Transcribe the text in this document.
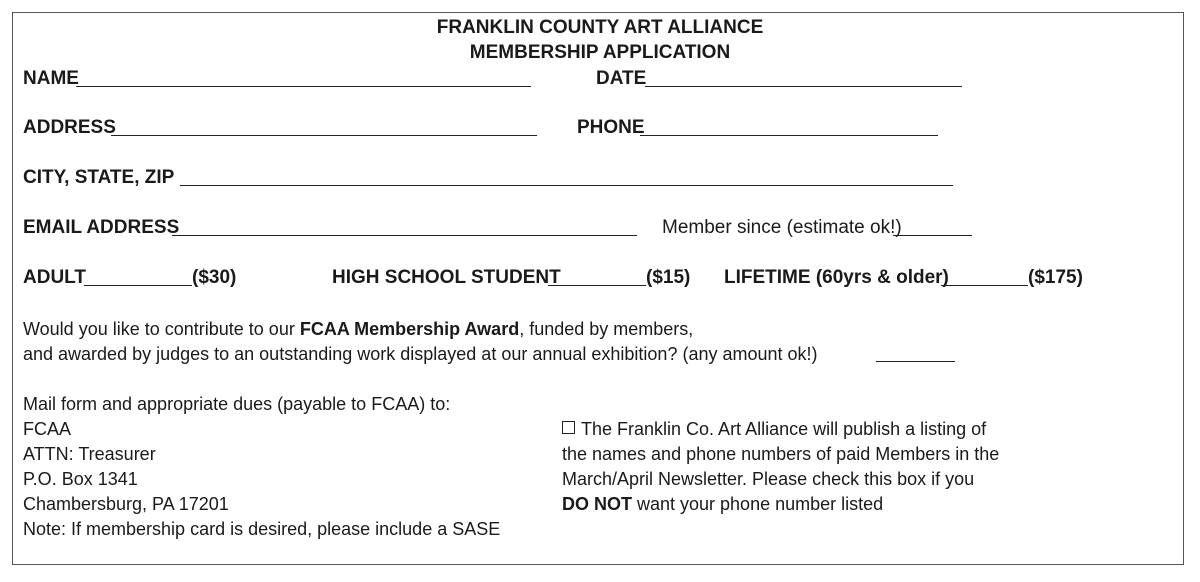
FRANKLIN COUNTY ART ALLIANCE
MEMBERSHIP APPLICATION
NAME	DATE
ADDRESS	PHONE
CITY, STATE, ZIP
EMAIL ADDRESS	Member since (estimate ok!)
ADULT	($30)	HIGH SCHOOL STUDENT	($15) LIFETIME (60yrs & older)	($175)
Would you like to contribute to our FCAA Membership Award, funded by members,
and awarded by judges to an outstanding work displayed at our annual exhibition? (any amount ok!)
Mail form and appropriate dues (payable to FCAA) to:
FCAA
ATTN: Treasurer
P.O. Box 1341
Chambersburg, PA 17201
Note: If membership card is desired, please include a SASE
The Franklin Co. Art Alliance will publish a listing of
the names and phone numbers of paid Members in the
March/April Newsletter. Please check this box if you
DO NOT want your phone number listed
